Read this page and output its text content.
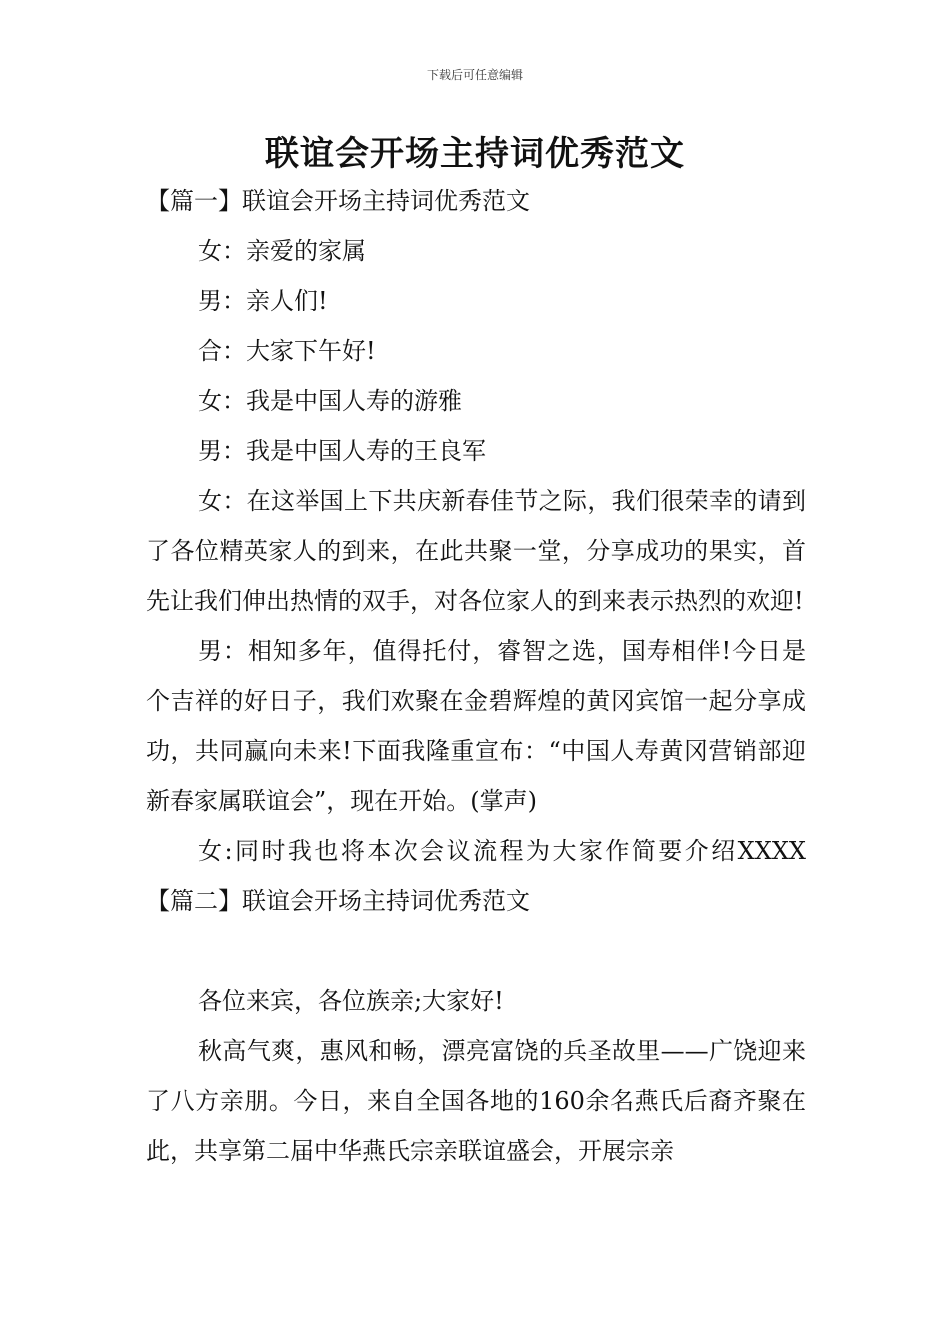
下载后可任意编辑
联谊会开场主持词优秀范文

【篇一】联谊会开场主持词优秀范文

女：亲爱的家属

男：亲人们!

合：大家下午好!

女：我是中国人寿的游雅

男：我是中国人寿的王良军

女：在这举国上下共庆新春佳节之际，我们很荣幸的请到了各位精英家人的到来，在此共聚一堂，分享成功的果实，首先让我们伸出热情的双手，对各位家人的到来表示热烈的欢迎!

男：相知多年，值得托付，睿智之选，国寿相伴!今日是个吉祥的好日子，我们欢聚在金碧辉煌的黄冈宾馆一起分享成功，共同赢向未来!下面我隆重宣布：“中国人寿黄冈营销部迎新春家属联谊会”，现在开始。(掌声)

女:同时我也将本次会议流程为大家作简要介绍XXXX

【篇二】联谊会开场主持词优秀范文

各位来宾，各位族亲;大家好!

秋高气爽，惠风和畅，漂亮富饶的兵圣故里——广饶迎来了八方亲朋。今日，来自全国各地的160余名燕氏后裔齐聚在此，共享第二届中华燕氏宗亲联谊盛会，开展宗亲
